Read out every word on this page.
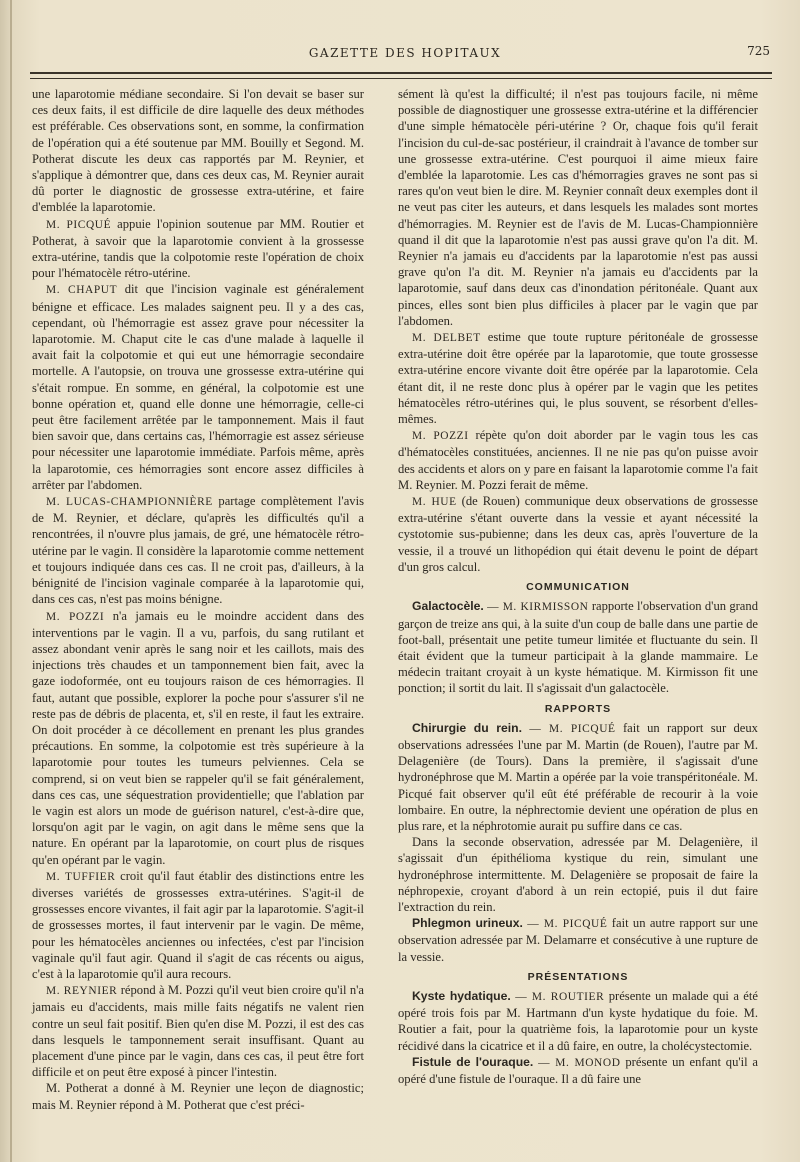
GAZETTE DES HOPITAUX	725

une laparotomie médiane secondaire. Si l'on devait se baser sur ces deux faits, il est difficile de dire laquelle des deux méthodes est préférable. Ces observations sont, en somme, la confirmation de l'opération qui a été soutenue par MM. Bouilly et Segond. M. Potherat discute les deux cas rapportés par M. Reynier, et s'applique à démontrer que, dans ces deux cas, M. Reynier aurait dû porter le diagnostic de grossesse extra-utérine, et faire d'emblée la laparotomie.

M. PICQUÉ appuie l'opinion soutenue par MM. Routier et Potherat, à savoir que la laparotomie convient à la grossesse extra-utérine, tandis que la colpotomie reste l'opération de choix pour l'hématocèle rétro-utérine.

M. CHAPUT dit que l'incision vaginale est généralement bénigne et efficace. Les malades saignent peu. Il y a des cas, cependant, où l'hémorragie est assez grave pour nécessiter la laparotomie. M. Chaput cite le cas d'une malade à laquelle il avait fait la colpotomie et qui eut une hémorragie secondaire mortelle. A l'autopsie, on trouva une grossesse extra-utérine qui s'était rompue. En somme, en général, la colpotomie est une bonne opération et, quand elle donne une hémorragie, celle-ci peut être facilement arrêtée par le tamponnement. Mais il faut bien savoir que, dans certains cas, l'hémorragie est assez sérieuse pour nécessiter une laparotomie immédiate. Parfois même, après la laparotomie, ces hémorragies sont encore assez difficiles à arrêter par l'abdomen.

M. LUCAS-CHAMPIONNIÈRE partage complètement l'avis de M. Reynier, et déclare, qu'après les difficultés qu'il a rencontrées, il n'ouvre plus jamais, de gré, une hématocèle rétro-utérine par le vagin. Il considère la laparotomie comme nettement et toujours indiquée dans ces cas. Il ne croit pas, d'ailleurs, à la bénignité de l'incision vaginale comparée à la laparotomie qui, dans ces cas, n'est pas moins bénigne.

M. POZZI n'a jamais eu le moindre accident dans des interventions par le vagin. Il a vu, parfois, du sang rutilant et assez abondant venir après le sang noir et les caillots, mais des injections très chaudes et un tamponnement bien fait, avec la gaze iodoformée, ont eu toujours raison de ces hémorragies. Il faut, autant que possible, explorer la poche pour s'assurer s'il ne reste pas de débris de placenta, et, s'il en reste, il faut les extraire. On doit procéder à ce décollement en prenant les plus grandes précautions. En somme, la colpotomie est très supérieure à la laparotomie pour toutes les tumeurs pelviennes. Cela se comprend, si on veut bien se rappeler qu'il se fait généralement, dans ces cas, une séquestration providentielle; que l'ablation par le vagin est alors un mode de guérison naturel, c'est-à-dire que, lorsqu'on agit par le vagin, on agit dans le même sens que la nature. En opérant par la laparotomie, on court plus de risques qu'en opérant par le vagin.

M. TUFFIER croit qu'il faut établir des distinctions entre les diverses variétés de grossesses extra-utérines. S'agit-il de grossesses encore vivantes, il fait agir par la laparotomie. S'agit-il de grossesses mortes, il faut intervenir par le vagin. De même, pour les hématocèles anciennes ou infectées, c'est par l'incision vaginale qu'il faut agir. Quand il s'agit de cas récents ou aigus, c'est à la laparotomie qu'il aura recours.

M. REYNIER répond à M. Pozzi qu'il veut bien croire qu'il n'a jamais eu d'accidents, mais mille faits négatifs ne valent rien contre un seul fait positif. Bien qu'en dise M. Pozzi, il est des cas dans lesquels le tamponnement serait insuffisant. Quant au placement d'une pince par le vagin, dans ces cas, il peut être fort difficile et on peut être exposé à pincer l'intestin.

M. Potherat a donné à M. Reynier une leçon de diagnostic; mais M. Reynier répond à M. Potherat que c'est préci-

sément là qu'est la difficulté; il n'est pas toujours facile, ni même possible de diagnostiquer une grossesse extra-utérine et la différencier d'une simple hématocèle péri-utérine ? Or, chaque fois qu'il ferait l'incision du cul-de-sac postérieur, il craindrait à l'avance de tomber sur une grossesse extra-utérine. C'est pourquoi il aime mieux faire d'emblée la laparotomie. Les cas d'hémorragies graves ne sont pas si rares qu'on veut bien le dire. M. Reynier connaît deux exemples dont il ne veut pas citer les auteurs, et dans lesquels les malades sont mortes d'hémorragies. M. Reynier est de l'avis de M. Lucas-Championnière quand il dit que la laparotomie n'est pas aussi grave qu'on l'a dit. M. Reynier n'a jamais eu d'accidents par la laparotomie n'est pas aussi grave qu'on l'a dit. M. Reynier n'a jamais eu d'accidents par la laparotomie, sauf dans deux cas d'inondation péritonéale. Quant aux pinces, elles sont bien plus difficiles à placer par le vagin que par l'abdomen.

M. DELBET estime que toute rupture péritonéale de grossesse extra-utérine doit être opérée par la laparotomie, que toute grossesse extra-utérine encore vivante doit être opérée par la laparotomie. Cela étant dit, il ne reste donc plus à opérer par le vagin que les petites hématocèles rétro-utérines qui, le plus souvent, se résorbent d'elles-mêmes.

M. POZZI répète qu'on doit aborder par le vagin tous les cas d'hématocèles constituées, anciennes. Il ne nie pas qu'on puisse avoir des accidents et alors on y pare en faisant la laparotomie comme l'a fait M. Reynier. M. Pozzi ferait de même.

M. HUE (de Rouen) communique deux observations de grossesse extra-utérine s'étant ouverte dans la vessie et ayant nécessité la cystotomie sus-pubienne; dans les deux cas, après l'ouverture de la vessie, il a trouvé un lithopédion qui était devenu le point de départ d'un gros calcul.

COMMUNICATION

Galactocèle. — M. KIRMISSON rapporte l'observation d'un grand garçon de treize ans qui, à la suite d'un coup de balle dans une partie de foot-ball, présentait une petite tumeur limitée et fluctuante du sein. Il était évident que la tumeur participait à la glande mammaire. Le médecin traitant croyait à un kyste hématique. M. Kirmisson fit une ponction; il sortit du lait. Il s'agissait d'un galactocèle.

RAPPORTS

Chirurgie du rein. — M. PICQUÉ fait un rapport sur deux observations adressées l'une par M. Martin (de Rouen), l'autre par M. Delagenière (de Tours). Dans la première, il s'agissait d'une hydronéphrose que M. Martin a opérée par la voie transpéritonéale. M. Picqué fait observer qu'il eût été préférable de recourir à la voie lombaire. En outre, la néphrectomie devient une opération de plus en plus rare, et la néphrotomie aurait pu suffire dans ce cas.

Dans la seconde observation, adressée par M. Delagenière, il s'agissait d'un épithélioma kystique du rein, simulant une hydronéphrose intermittente. M. Delagenière se proposait de faire la néphropexie, croyant d'abord à un rein ectopié, puis il dut faire l'extraction du rein.

Phlegmon urineux. — M. PICQUÉ fait un autre rapport sur une observation adressée par M. Delamarre et consécutive à une rupture de la vessie.

PRÉSENTATIONS

Kyste hydatique. — M. ROUTIER présente un malade qui a été opéré trois fois par M. Hartmann d'un kyste hydatique du foie. M. Routier a fait, pour la quatrième fois, la laparotomie pour un kyste récidivé dans la cicatrice et il a dû faire, en outre, la cholécystectomie.

Fistule de l'ouraque. — M. MONOD présente un enfant qu'il a opéré d'une fistule de l'ouraque. Il a dû faire une
